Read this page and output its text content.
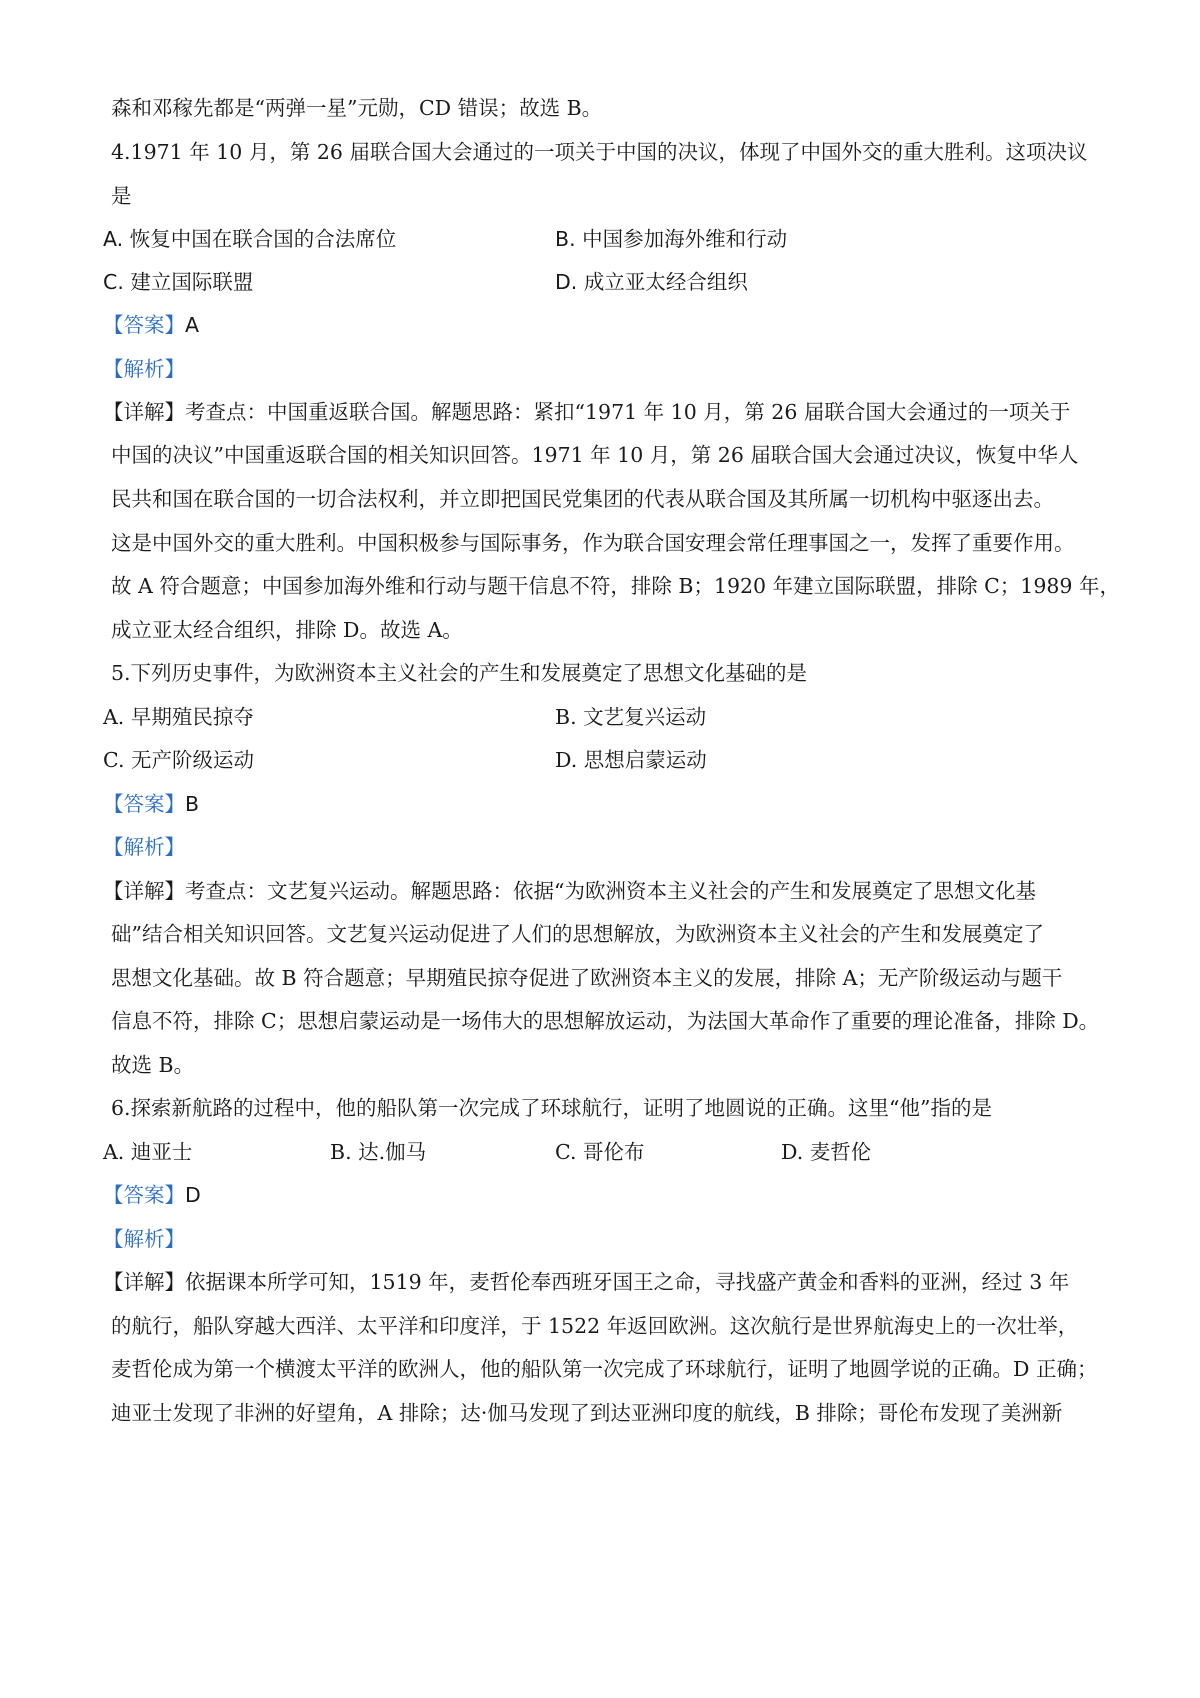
森和邓稼先都是“两弹一星”元勋，CD 错误；故选 B。
4.1971 年 10 月，第 26 届联合国大会通过的一项关于中国的决议，体现了中国外交的重大胜利。这项决议
是
A. 恢复中国在联合国的合法席位	B. 中国参加海外维和行动
C. 建立国际联盟	D. 成立亚太经合组织
【答案】A
【解析】
【详解】考查点：中国重返联合国。解题思路：紧扣“1971 年 10 月，第 26 届联合国大会通过的一项关于
中国的决议”中国重返联合国的相关知识回答。1971 年 10 月，第 26 届联合国大会通过决议，恢复中华人
民共和国在联合国的一切合法权利，并立即把国民党集团的代表从联合国及其所属一切机构中驱逐出去。
这是中国外交的重大胜利。中国积极参与国际事务，作为联合国安理会常任理事国之一，发挥了重要作用。
故 A 符合题意；中国参加海外维和行动与题干信息不符，排除 B；1920 年建立国际联盟，排除 C；1989 年，
成立亚太经合组织，排除 D。故选 A。
5.下列历史事件，为欧洲资本主义社会的产生和发展奠定了思想文化基础的是
A. 早期殖民掠夺	B. 文艺复兴运动
C. 无产阶级运动	D. 思想启蒙运动
【答案】B
【解析】
【详解】考查点：文艺复兴运动。解题思路：依据“为欧洲资本主义社会的产生和发展奠定了思想文化基
础”结合相关知识回答。文艺复兴运动促进了人们的思想解放，为欧洲资本主义社会的产生和发展奠定了
思想文化基础。故 B 符合题意；早期殖民掠夺促进了欧洲资本主义的发展，排除 A；无产阶级运动与题干
信息不符，排除 C；思想启蒙运动是一场伟大的思想解放运动，为法国大革命作了重要的理论准备，排除 D。
故选 B。
6.探索新航路的过程中，他的船队第一次完成了环球航行，证明了地圆说的正确。这里“他”指的是
A. 迪亚士	B. 达.伽马	C. 哥伦布	D. 麦哲伦
【答案】D
【解析】
【详解】依据课本所学可知，1519 年，麦哲伦奉西班牙国王之命，寻找盛产黄金和香料的亚洲，经过 3 年
的航行，船队穿越大西洋、太平洋和印度洋，于 1522 年返回欧洲。这次航行是世界航海史上的一次壮举，
麦哲伦成为第一个横渡太平洋的欧洲人，他的船队第一次完成了环球航行，证明了地圆学说的正确。D 正确；
迪亚士发现了非洲的好望角，A 排除；达·伽马发现了到达亚洲印度的航线，B 排除；哥伦布发现了美洲新
